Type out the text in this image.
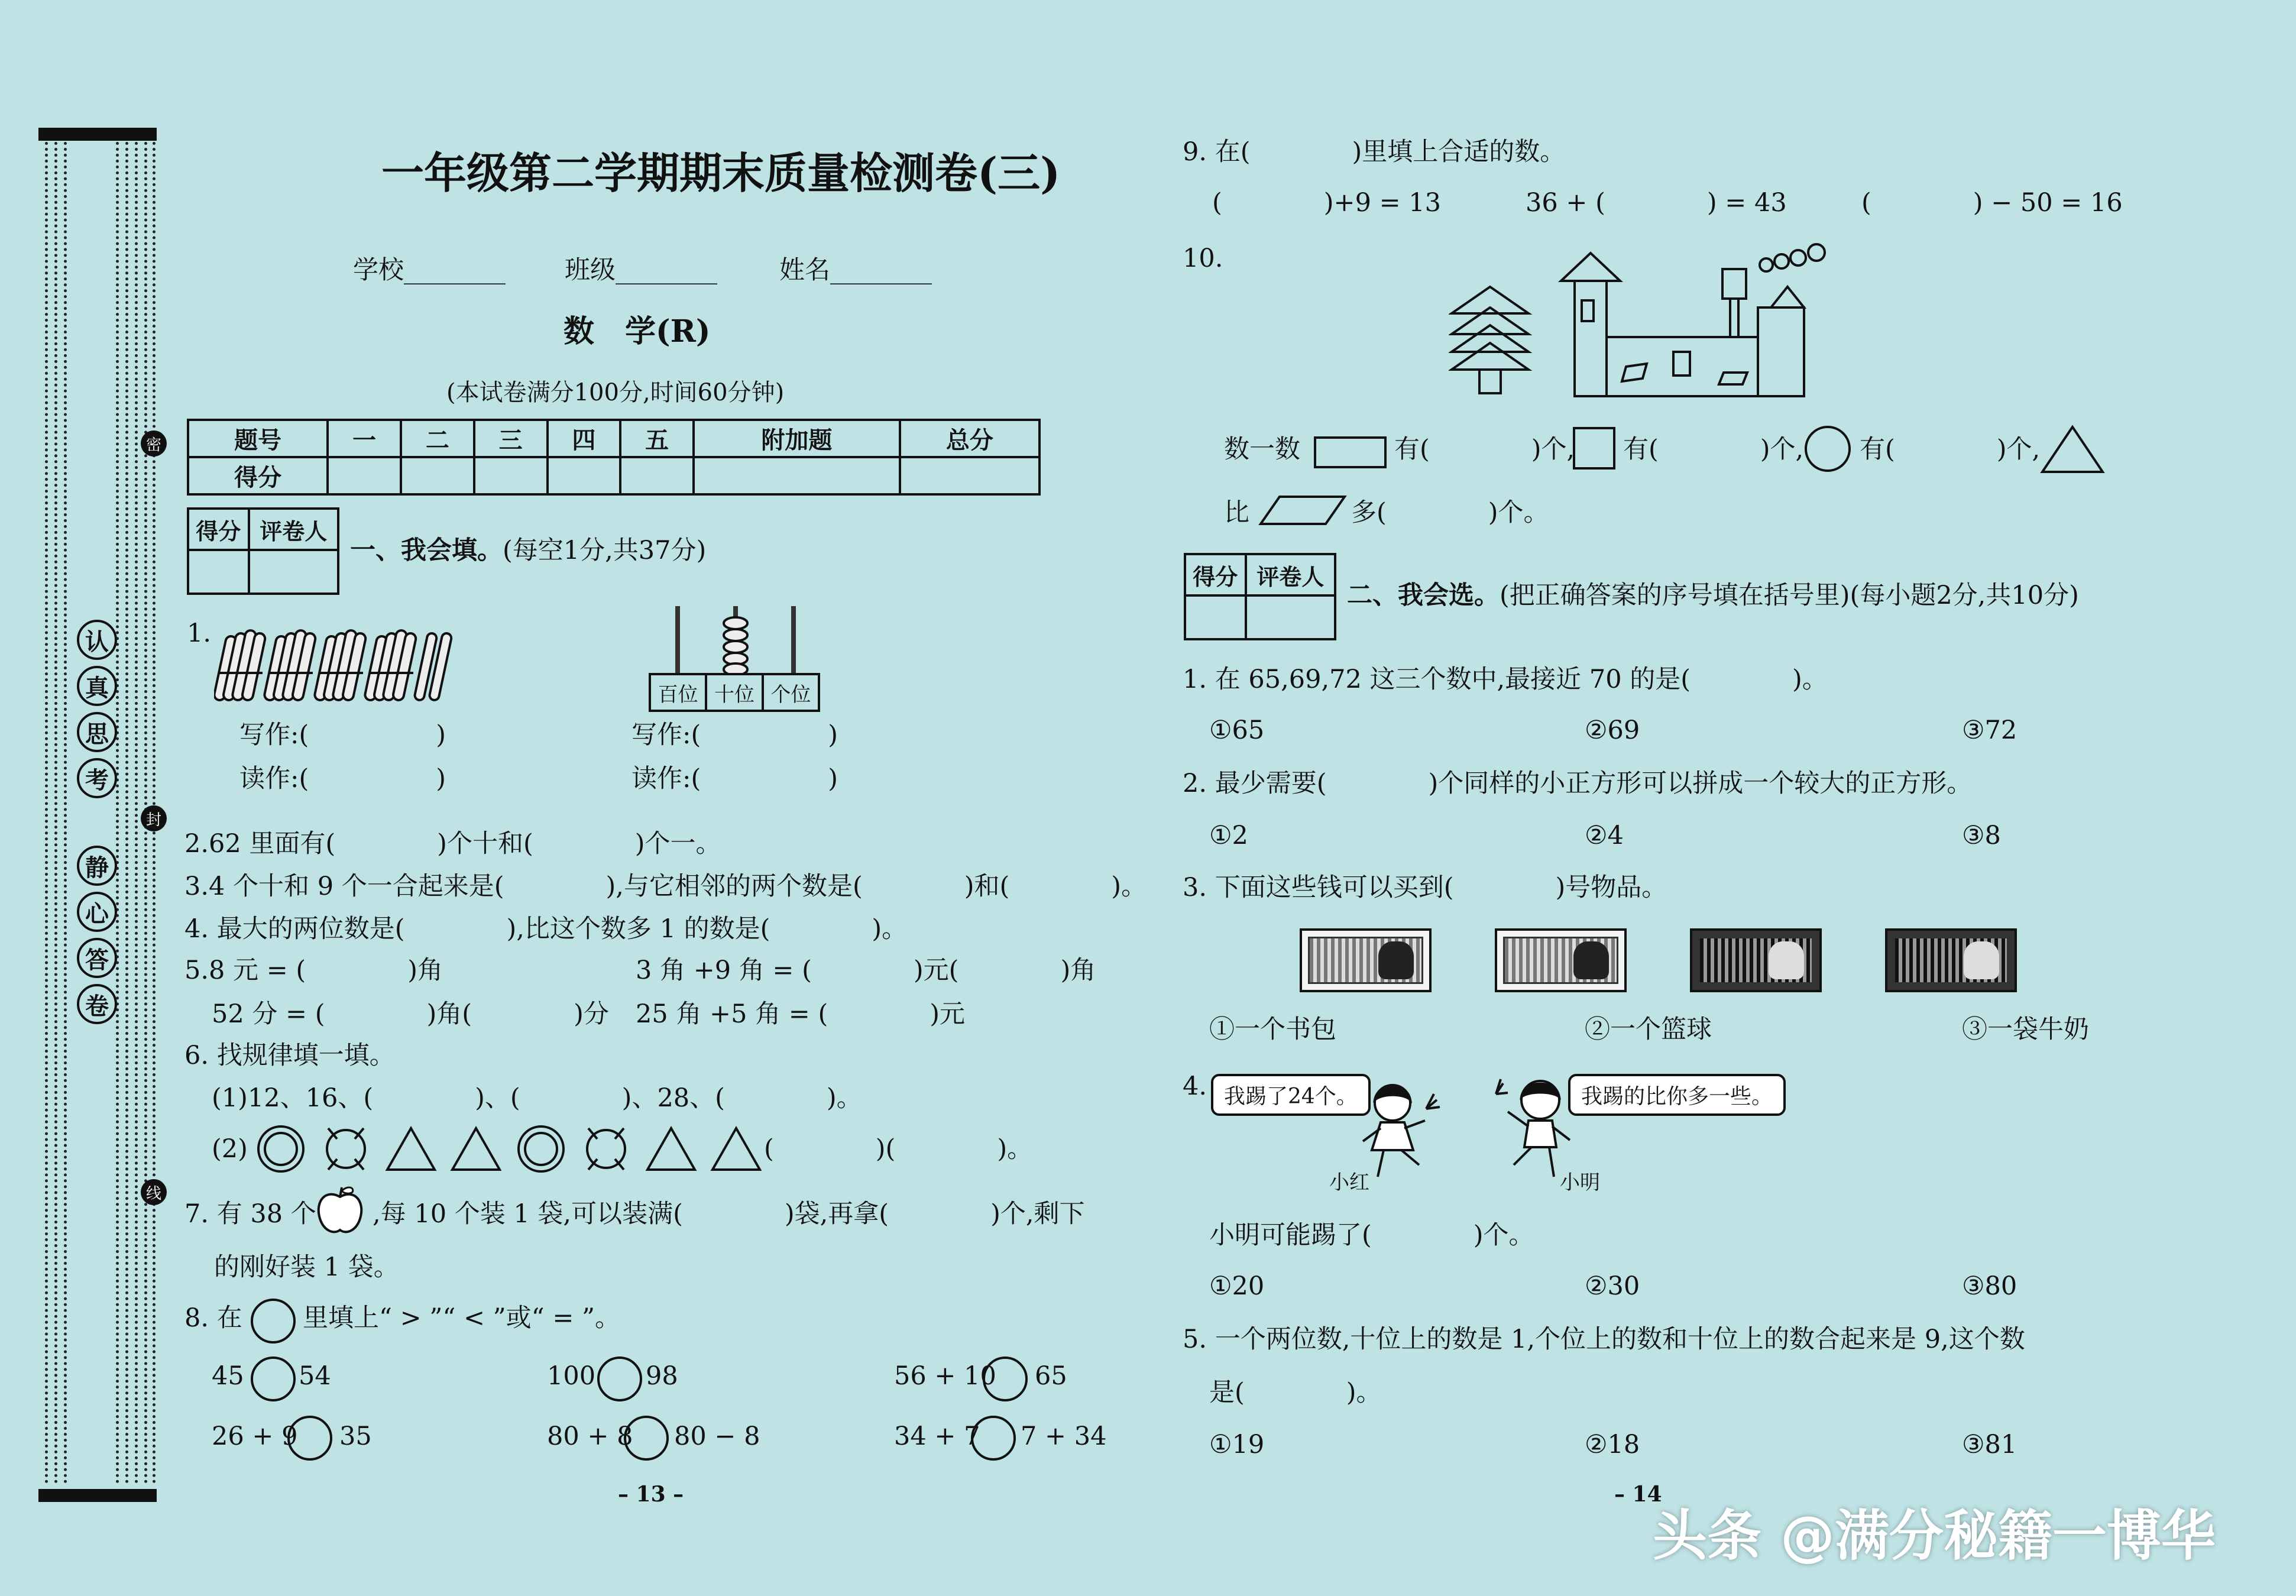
认
真
思
考
静
心
答
卷
密
封
线
一年级第二学期期末质量检测卷(三)
学校________ 班级________ 姓名________
数　学(R)
(本试卷满分100分,时间60分钟)
题号	一	二	三	四	五	附加题	总分
得分							
得分	评卷人

一、我会填。(每空1分,共37分)
1.
百位	十位	个位
写作:(　　　　　)
读作:(　　　　　)
写作:(　　　　　)
读作:(　　　　　)
2.62 里面有(　　　　)个十和(　　　　)个一。
3.4 个十和 9 个一合起来是(　　　　),与它相邻的两个数是(　　　　)和(　　　　)。
4. 最大的两位数是(　　　　),比这个数多 1 的数是(　　　　)。
5.8 元 = (　　　　)角	3 角 +9 角 = (　　　　)元(　　　　)角
52 分 = (　　　　)角(　　　　)分 25 角 +5 角 = (　　　　)元
6. 找规律填一填。
(1)12、16、(　　　　)、(　　　　)、28、(　　　　)。
(2)	(　　　　)(　　　　)。
7. 有 38 个 ,每 10 个装 1 袋,可以装满(　　　　)袋,再拿(　　　　)个,剩下
的刚好装 1 袋。
8. 在 里填上“ > ”“ < ”或“ = ”。
45 54	100 98	56 + 10 65
26 + 9 35	80 + 8 80 − 8	34 + 7 7 + 34
– 13 –
9. 在(　　　　)里填上合适的数。
(　　　　)+9 = 13	36 + (　　　　) = 43	(　　　　) − 50 = 16
10.
数一数	有(　　　　)个, 有(　　　　)个, 有(　　　　)个,
比	多(　　　　)个。
得分	评卷人

二、我会选。(把正确答案的序号填在括号里)(每小题2分,共10分)
1. 在 65,69,72 这三个数中,最接近 70 的是(　　　　)。
①65	②69	③72
2. 最少需要(　　　　)个同样的小正方形可以拼成一个较大的正方形。
①2	②4	③8
3. 下面这些钱可以买到(　　　　)号物品。
①一个书包	②一个篮球	③一袋牛奶
4. 我踢了24个。	我踢的比你多一些。
小红	小明
小明可能踢了(　　　　)个。
①20	②30	③80
5. 一个两位数,十位上的数是 1,个位上的数和十位上的数合起来是 9,这个数
是(　　　　)。
①19	②18	③81
– 14
头条 @满分秘籍一博华
